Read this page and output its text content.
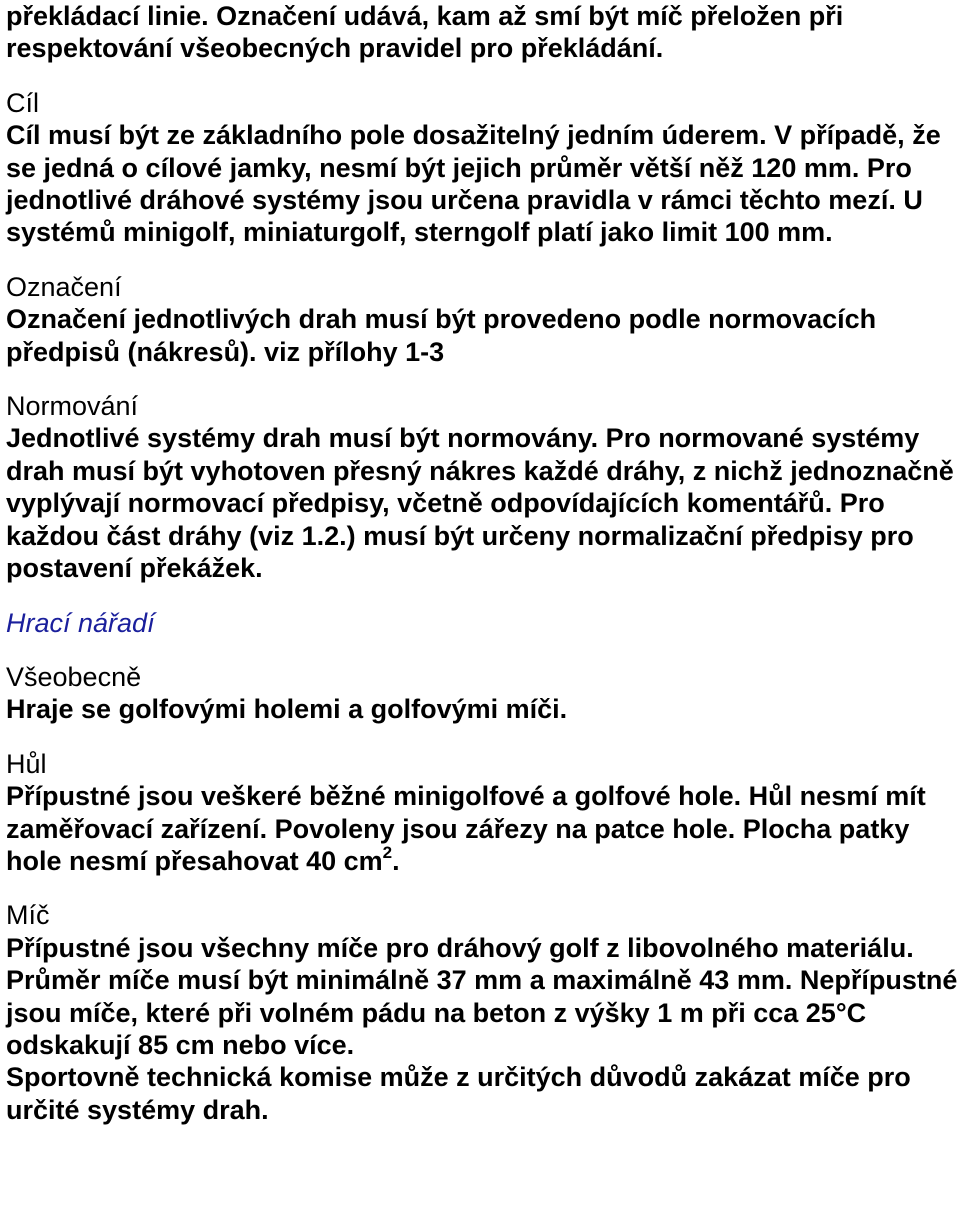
překládací linie. Označení udává, kam až smí být míč přeložen při respektování všeobecných pravidel pro překládání.

Cíl

Cíl musí být ze základního pole dosažitelný jedním úderem. V případě, že se jedná o cílové jamky, nesmí být jejich průměr větší něž 120 mm. Pro jednotlivé dráhové systémy jsou určena pravidla v rámci těchto mezí. U systémů minigolf, miniaturgolf, sterngolf platí jako limit 100 mm.

Označení

Označení jednotlivých drah musí být provedeno podle normovacích předpisů (nákresů). viz přílohy 1-3

Normování

Jednotlivé systémy drah musí být normovány. Pro normované systémy drah musí být vyhotoven přesný nákres každé dráhy, z nichž jednoznačně vyplývají normovací předpisy, včetně odpovídajících komentářů. Pro každou část dráhy (viz 1.2.) musí být určeny normalizační předpisy pro postavení překážek.

Hrací nářadí

Všeobecně

Hraje se golfovými holemi a golfovými míči.

Hůl

Přípustné jsou veškeré běžné minigolfové a golfové hole. Hůl nesmí mít zaměřovací zařízení. Povoleny jsou zářezy na patce hole. Plocha patky hole nesmí přesahovat 40 $cm^2$.

Míč

Přípustné jsou všechny míče pro dráhový golf z libovolného materiálu. Průměr míče musí být minimálně 37 mm a maximálně 43 mm. Nepřípustné jsou míče, které při volném pádu na beton z výšky 1 m při cca 25°C odskakují 85 cm nebo více.

Sportovně technická komise může z určitých důvodů zakázat míče pro určité systémy drah.
